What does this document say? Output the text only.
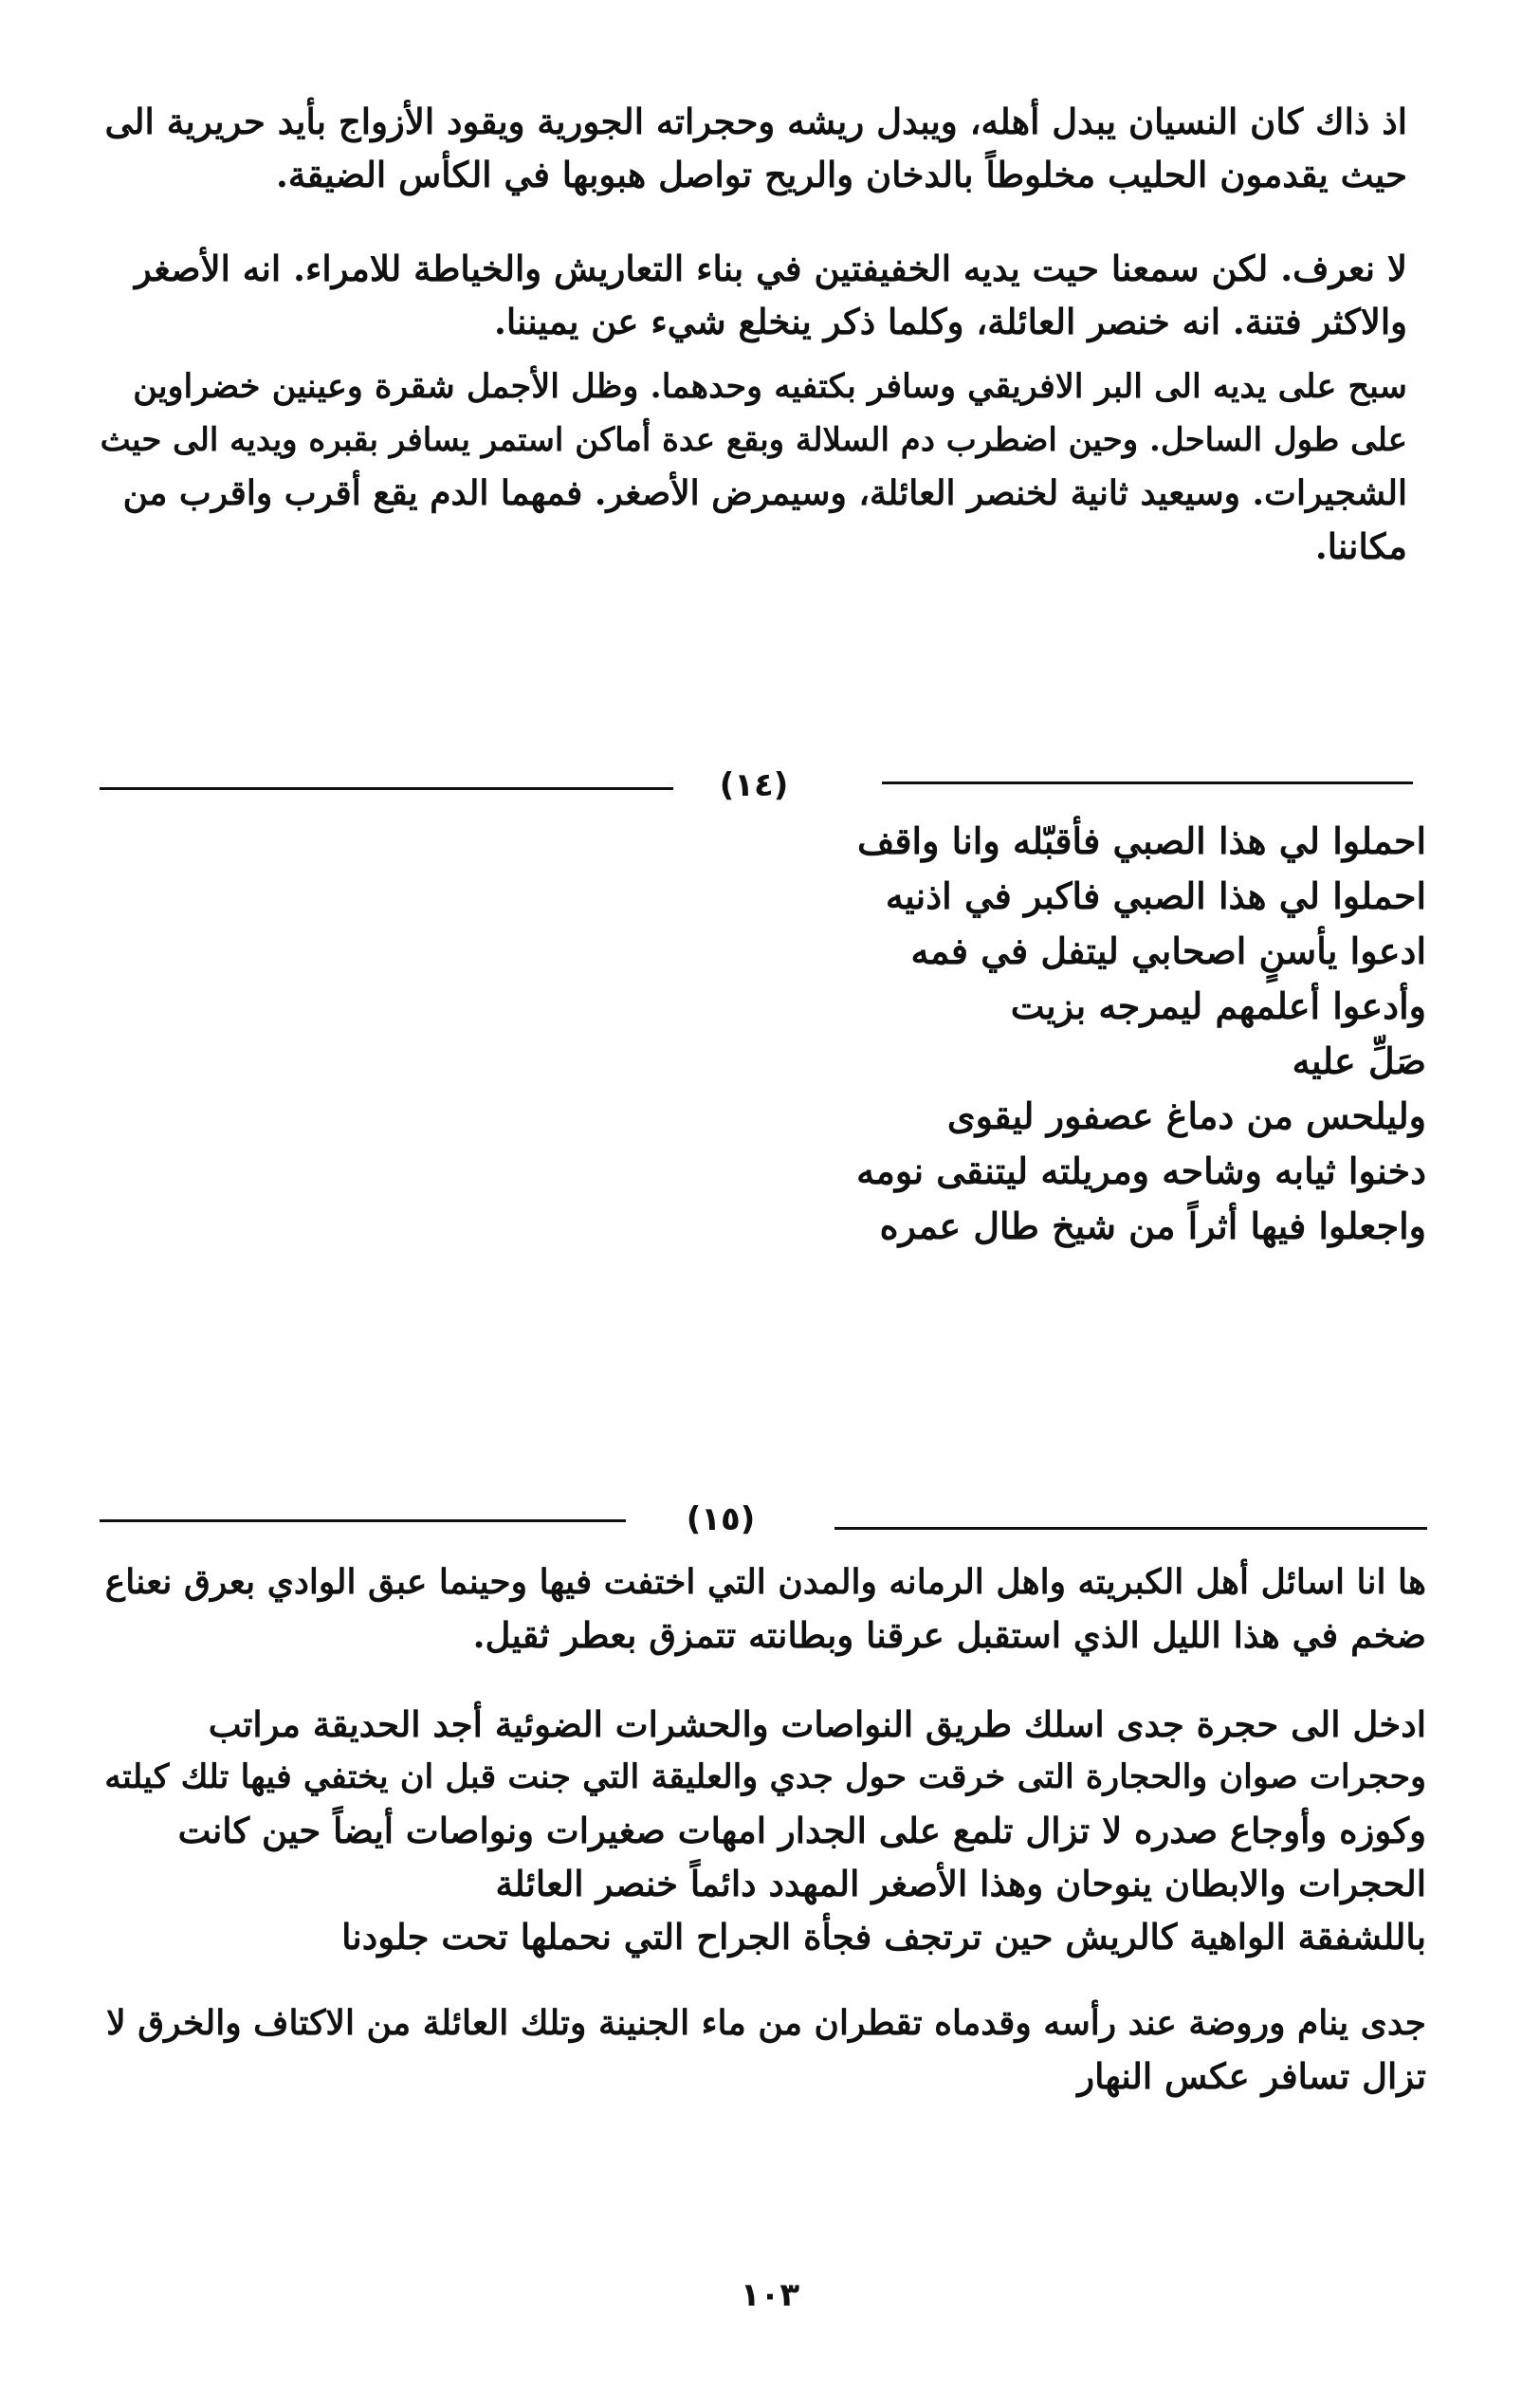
اذ ذاك كان النسيان يبدل أهله، ويبدل ريشه وحجراته الجورية ويقود الأزواج بأيد حريرية الى
حيث يقدمون الحليب مخلوطاً بالدخان والريح تواصل هبوبها في الكأس الضيقة.
لا نعرف. لكن سمعنا حيت يديه الخفيفتين في بناء التعاريش والخياطة للامراء. انه الأصغر
والاكثر فتنة. انه خنصر العائلة، وكلما ذكر ينخلع شيء عن يميننا.
سبح على يديه الى البر الافريقي وسافر بكتفيه وحدهما. وظل الأجمل شقرة وعينين خضراوين
على طول الساحل. وحين اضطرب دم السلالة وبقع عدة أماكن استمر يسافر بقبره ويديه الى حيث
الشجيرات. وسيعيد ثانية لخنصر العائلة، وسيمرض الأصغر. فمهما الدم يقع أقرب واقرب من
مكاننا.
(١٤)
احملوا لي هذا الصبي فأقبّله وانا واقف
احملوا لي هذا الصبي فاكبر في اذنيه
ادعوا يأسنٍ اصحابي ليتفل في فمه
وأدعوا أعلمهم ليمرجه بزيت
صَلِّ عليه
وليلحس من دماغ عصفور ليقوى
دخنوا ثيابه وشاحه ومريلته ليتنقى نومه
واجعلوا فيها أثراً من شيخ طال عمره
(١٥)
ها انا اسائل أهل الكبريته واهل الرمانه والمدن التي اختفت فيها وحينما عبق الوادي بعرق نعناع
ضخم في هذا الليل الذي استقبل عرقنا وبطانته تتمزق بعطر ثقيل.
ادخل الى حجرة جدى اسلك طريق النواصات والحشرات الضوئية أجد الحديقة مراتب
وحجرات صوان والحجارة التى خرقت حول جدي والعليقة التي جنت قبل ان يختفي فيها تلك كيلته
وكوزه وأوجاع صدره لا تزال تلمع على الجدار امهات صغيرات ونواصات أيضاً حين كانت
الحجرات والابطان ينوحان وهذا الأصغر المهدد دائماً خنصر العائلة
باللشفقة الواهية كالريش حين ترتجف فجأة الجراح التي نحملها تحت جلودنا
جدى ينام وروضة عند رأسه وقدماه تقطران من ماء الجنينة وتلك العائلة من الاكتاف والخرق لا
تزال تسافر عكس النهار
١٠٣
